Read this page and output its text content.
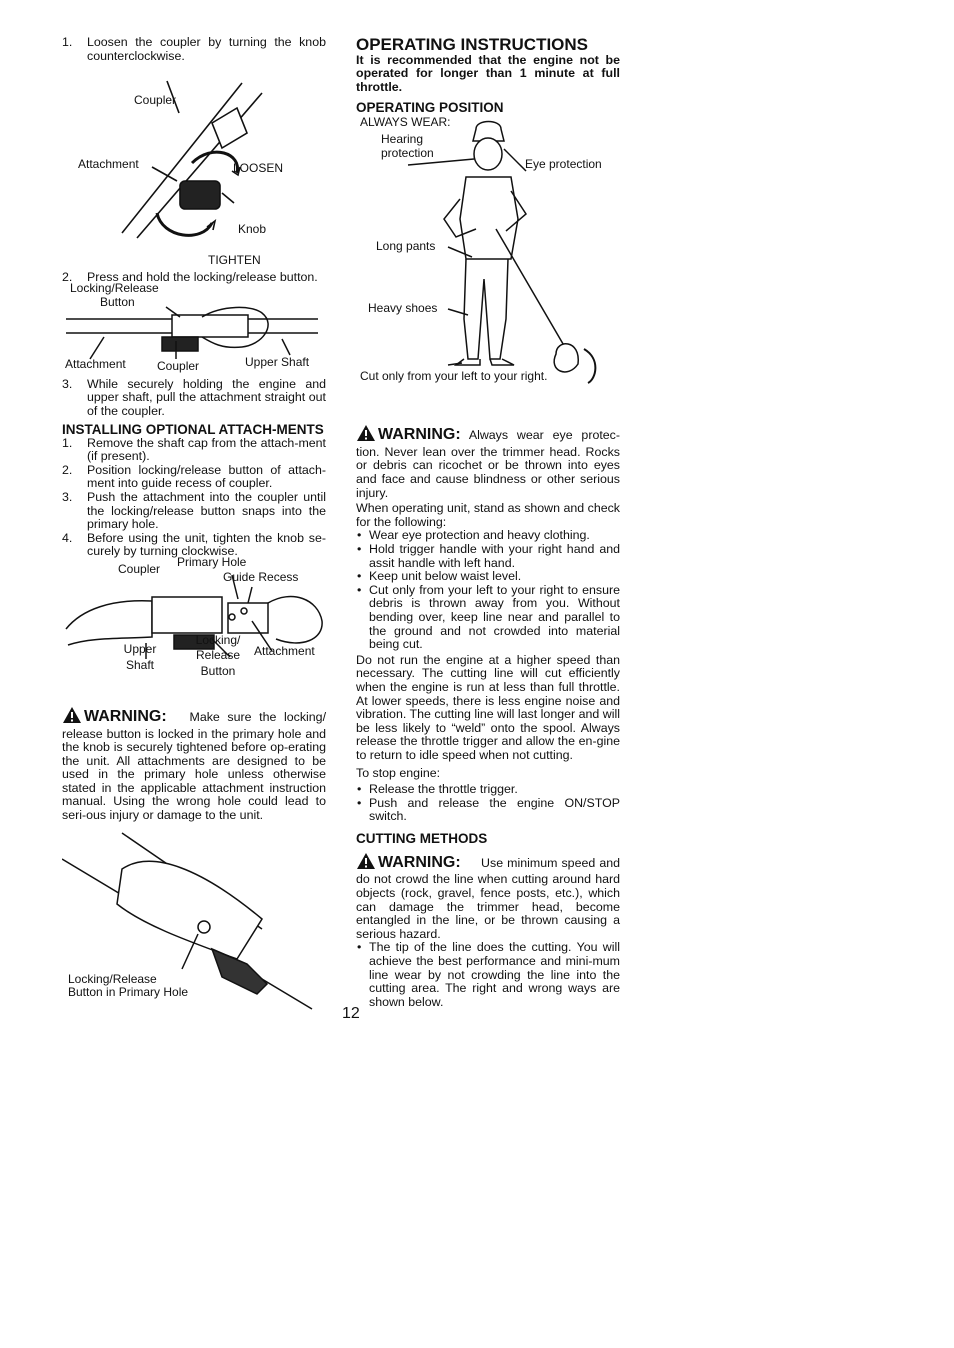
1. Loosen the coupler by turning the knob counterclockwise.
Coupler
Attachment	LOOSEN
Knob
TIGHTEN
2. Press and hold the locking/release button.
Locking/Release
Button
Attachment	Coupler	Upper Shaft
3. While securely holding the engine and upper shaft, pull the attachment straight out of the coupler.
INSTALLING OPTIONAL ATTACH-MENTS
1. Remove the shaft cap from the attach-ment (if present).
2. Position locking/release button of attach-ment into guide recess of coupler.
3. Push the attachment into the coupler until the locking/release button snaps into the primary hole.
4. Before using the unit, tighten the knob se-curely by turning clockwise.
Primary Hole
Coupler
Guide Recess
Upper
Shaft
Locking/
Release
Button
Attachment

WARNING: Make sure the locking/ release button is locked in the primary hole and the knob is securely tightened before op-erating the unit. All attachments are designed to be used in the primary hole unless otherwise stated in the applicable attachment instruction manual. Using the wrong hole could lead to seri-ous injury or damage to the unit.

Locking/Release
Button in Primary Hole
OPERATING INSTRUCTIONS

It is recommended that the engine not be operated for longer than 1 minute at full throttle.

OPERATING POSITION
ALWAYS WEAR:
Hearing
protection
Eye protection
Long pants
Heavy shoes
Cut only from your left to your right.

WARNING: Always wear eye protec-tion. Never lean over the trimmer head. Rocks or debris can ricochet or be thrown into eyes and face and cause blindness or other serious injury.

When operating unit, stand as shown and check for the following:

• Wear eye protection and heavy clothing.
• Hold trigger handle with your right hand and assit handle with left hand.
• Keep unit below waist level.
• Cut only from your left to your right to ensure debris is thrown away from you. Without bending over, keep line near and parallel to the ground and not crowded into material being cut.

Do not run the engine at a higher speed than necessary. The cutting line will cut efficiently when the engine is run at less than full throttle. At lower speeds, there is less engine noise and vibration. The cutting line will last longer and will be less likely to “weld” onto the spool. Always release the throttle trigger and allow the en-gine to return to idle speed when not cutting.

To stop engine:

• Release the throttle trigger.
• Push and release the engine ON/STOP switch.
CUTTING METHODS

WARNING: Use minimum speed and do not crowd the line when cutting around hard objects (rock, gravel, fence posts, etc.), which can damage the trimmer head, become entangled in the line, or be thrown causing a serious hazard.

• The tip of the line does the cutting. You will achieve the best performance and mini-mum line wear by not crowding the line into the cutting area. The right and wrong ways are shown below.
12
